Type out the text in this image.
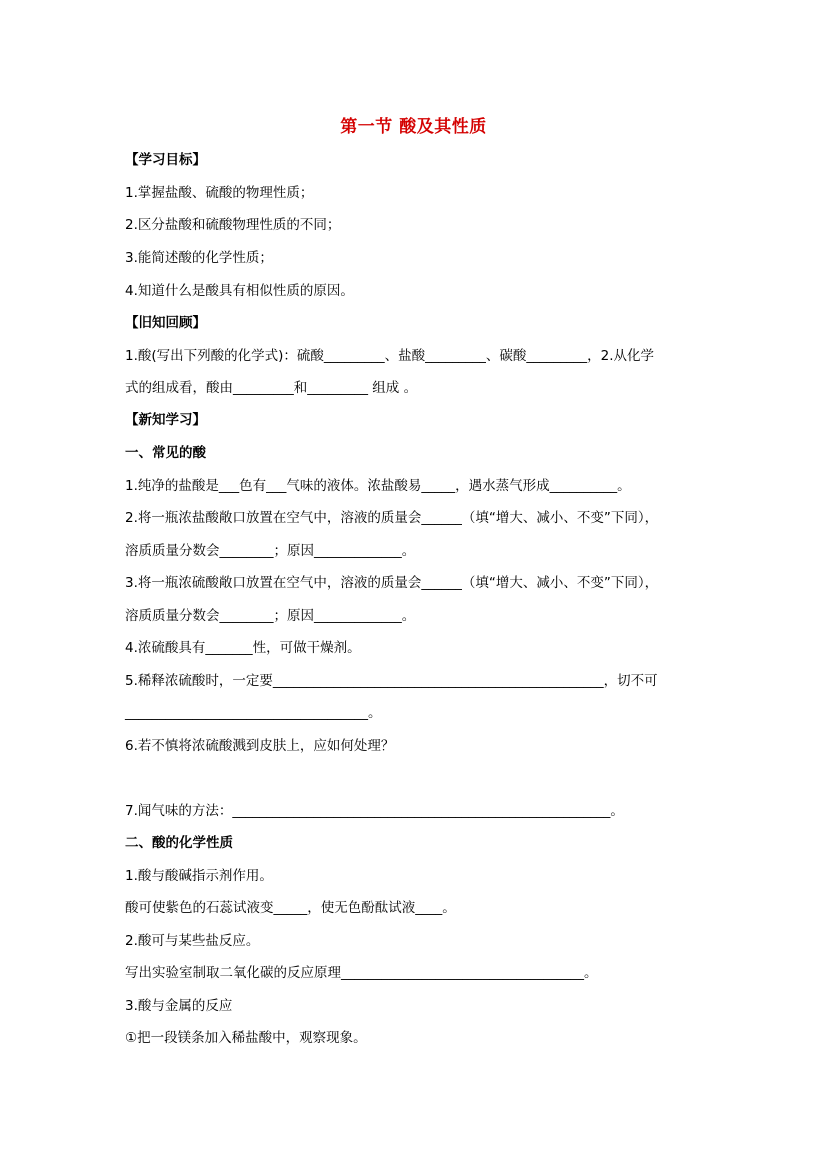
第一节 酸及其性质
【学习目标】
1.掌握盐酸、硫酸的物理性质；
2.区分盐酸和硫酸物理性质的不同；
3.能简述酸的化学性质；
4.知道什么是酸具有相似性质的原因。
【旧知回顾】
1.酸(写出下列酸的化学式)：硫酸_________、盐酸_________、碳酸_________，2.从化学
式的组成看，酸由_________和_________ 组成 。
【新知学习】
一、常见的酸
1.纯净的盐酸是___色有___气味的液体。浓盐酸易_____，遇水蒸气形成__________。
2.将一瓶浓盐酸敞口放置在空气中，溶液的质量会______（填“增大、减小、不变”下同），
溶质质量分数会________；原因_____________。
3.将一瓶浓硫酸敞口放置在空气中，溶液的质量会______（填“增大、减小、不变”下同），
溶质质量分数会________；原因_____________。
4.浓硫酸具有_______性，可做干燥剂。
5.稀释浓硫酸时，一定要_________________________________________________，切不可
____________________________________。
6.若不慎将浓硫酸溅到皮肤上，应如何处理？
7.闻气味的方法：________________________________________________________。
二、酸的化学性质
1.酸与酸碱指示剂作用。
酸可使紫色的石蕊试液变_____，使无色酚酞试液____。
2.酸可与某些盐反应。
写出实验室制取二氧化碳的反应原理____________________________________。
3.酸与金属的反应
①把一段镁条加入稀盐酸中，观察现象。
